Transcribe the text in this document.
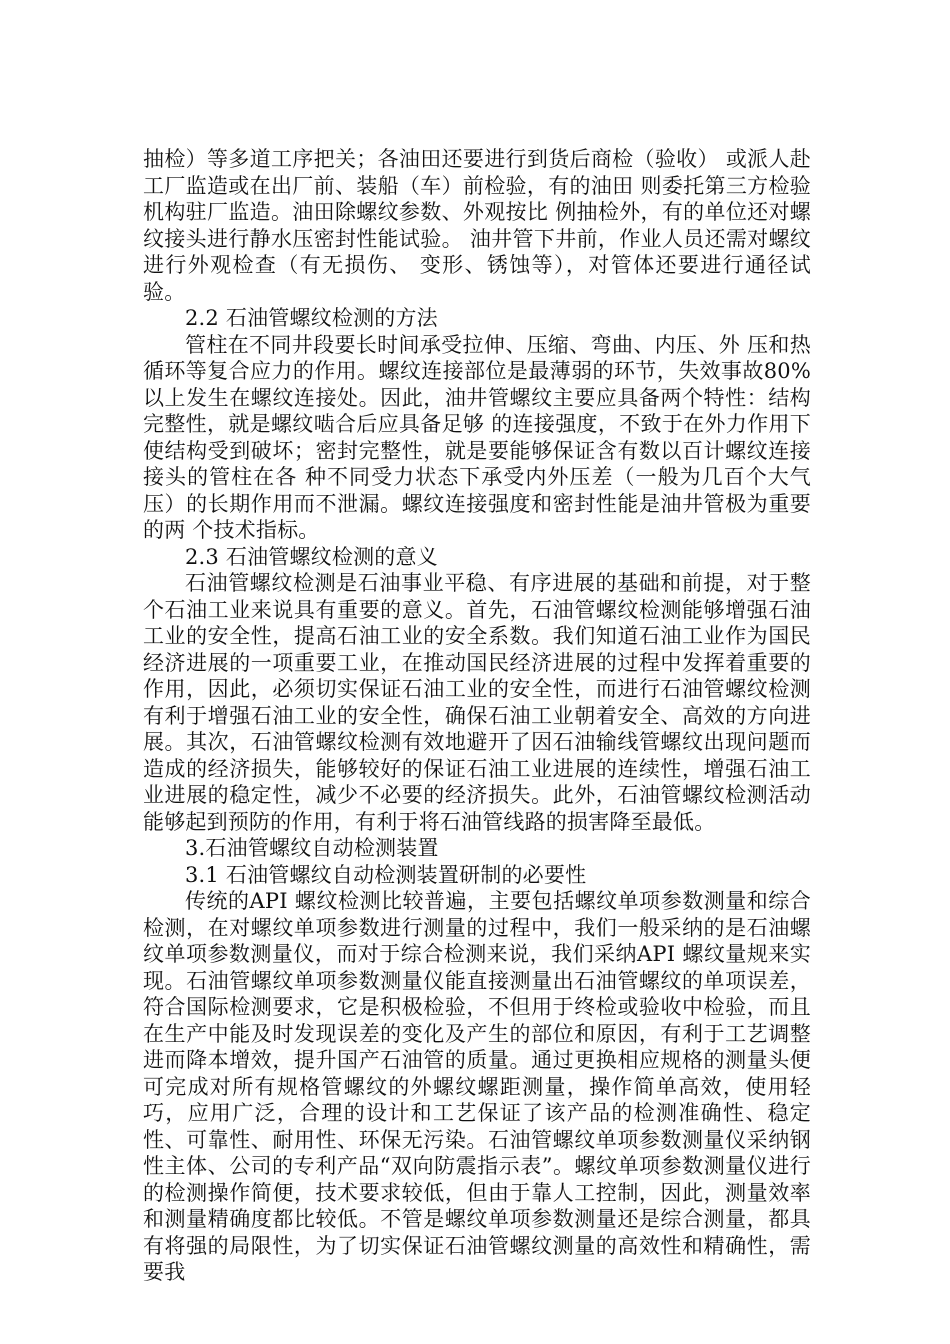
抽检）等多道工序把关；各油田还要进行到货后商检（验收） 或派人赴工厂监造或在出厂前、装船（车）前检验，有的油田 则委托第三方检验机构驻厂监造。油田除螺纹参数、外观按比 例抽检外，有的单位还对螺纹接头进行静水压密封性能试验。 油井管下井前，作业人员还需对螺纹进行外观检查（有无损伤、 变形、锈蚀等），对管体还要进行通径试验。

2.2 石油管螺纹检测的方法

管柱在不同井段要长时间承受拉伸、压缩、弯曲、内压、外 压和热循环等复合应力的作用。螺纹连接部位是最薄弱的环节，失效事故80%以上发生在螺纹连接处。因此，油井管螺纹主要应具备两个特性：结构完整性，就是螺纹啮合后应具备足够 的连接强度，不致于在外力作用下使结构受到破坏；密封完整性，就是要能够保证含有数以百计螺纹连接接头的管柱在各 种不同受力状态下承受内外压差（一般为几百个大气压）的长期作用而不泄漏。螺纹连接强度和密封性能是油井管极为重要的两 个技术指标。

2.3 石油管螺纹检测的意义

石油管螺纹检测是石油事业平稳、有序进展的基础和前提，对于整个石油工业来说具有重要的意义。首先，石油管螺纹检测能够增强石油工业的安全性，提高石油工业的安全系数。我们知道石油工业作为国民经济进展的一项重要工业，在推动国民经济进展的过程中发挥着重要的作用，因此，必须切实保证石油工业的安全性，而进行石油管螺纹检测有利于增强石油工业的安全性，确保石油工业朝着安全、高效的方向进展。其次，石油管螺纹检测有效地避开了因石油输线管螺纹出现问题而造成的经济损失，能够较好的保证石油工业进展的连续性，增强石油工业进展的稳定性，减少不必要的经济损失。此外，石油管螺纹检测活动能够起到预防的作用，有利于将石油管线路的损害降至最低。

3.石油管螺纹自动检测装置

3.1 石油管螺纹自动检测装置研制的必要性

传统的API 螺纹检测比较普遍，主要包括螺纹单项参数测量和综合检测，在对螺纹单项参数进行测量的过程中，我们一般采纳的是石油螺纹单项参数测量仪，而对于综合检测来说，我们采纳API 螺纹量规来实现。石油管螺纹单项参数测量仪能直接测量出石油管螺纹的单项误差，符合国际检测要求，它是积极检验，不但用于终检或验收中检验，而且在生产中能及时发现误差的变化及产生的部位和原因，有利于工艺调整进而降本增效，提升国产石油管的质量。通过更换相应规格的测量头便可完成对所有规格管螺纹的外螺纹螺距测量，操作简单高效，使用轻巧，应用广泛，合理的设计和工艺保证了该产品的检测准确性、稳定性、可靠性、耐用性、环保无污染。石油管螺纹单项参数测量仪采纳钢性主体、公司的专利产品“双向防震指示表”。螺纹单项参数测量仪进行的检测操作简便，技术要求较低，但由于靠人工控制，因此，测量效率和测量精确度都比较低。不管是螺纹单项参数测量还是综合测量，都具有将强的局限性，为了切实保证石油管螺纹测量的高效性和精确性，需要我
